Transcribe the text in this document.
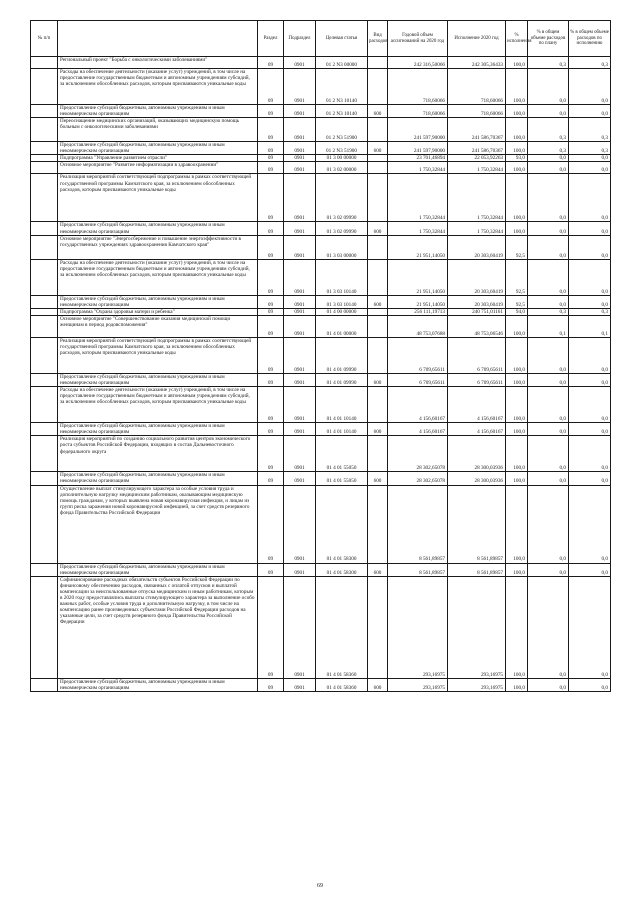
№ п/п		Раздел	Подраздел	Целевая статья	Вид расходов	Годовой объем ассигнований на 2020 год	Исполнение 2020 год	% исполнения	% в общем объеме расходов по плану	% в общем объеме расходов по исполнению
	Региональный проект "Борьба с онкологическими заболеваниями"	09	0901	01 2 N3 00000		242 316,50066	242 305,36433	100,0	0,3	0,3
	Расходы на обеспечение деятельности (оказание услуг) учреждений, в том числе на предоставление государственным бюджетным и автономным учреждениям субсидий, за исключением обособленных расходов, которым присваиваются уникальные коды	09	0901	01 2 N3 10140		718,60066	718,60066	100,0	0,0	0,0
	Предоставление субсидий бюджетным, автономным учреждениям и иным некоммерческим организациям	09	0901	01 2 N3 10140	600	718,60066	718,60066	100,0	0,0	0,0
	Переоснащение медицинских организаций, оказывающих медицинскую помощь больным с онкологическими заболеваниями	09	0901	01 2 N3 51900		241 597,90000	241 586,70367	100,0	0,3	0,3
	Предоставление субсидий бюджетным, автономным учреждениям и иным некоммерческим организациям	09	0901	01 2 N3 51900	600	241 597,90000	241 586,70367	100,0	0,3	0,3
	Подпрограмма "Управление развитием отрасли"	09	0901	01 3 00 00000		23 701,46894	22 053,92263	93,0	0,0	0,0
	Основное мероприятие "Развитие информатизации в здравоохранении"	09	0901	01 3 02 00000		1 750,32844	1 750,32844	100,0	0,0	0,0
	Реализация мероприятий соответствующей подпрограммы в рамках соответствующей государственной программы Камчатского края, за исключением обособленных расходов, которым присваиваются уникальные коды	09	0901	01 3 02 09990		1 750,32844	1 750,32844	100,0	0,0	0,0
	Предоставление субсидий бюджетным, автономным учреждениям и иным некоммерческим организациям	09	0901	01 3 02 09990	600	1 750,32844	1 750,32844	100,0	0,0	0,0
	Основное мероприятие "Энергосбережение и повышение энергоэффективности в государственных учреждениях здравоохранения Камчатского края"	09	0901	01 3 03 00000		21 951,14050	20 303,60419	92,5	0,0	0,0
	Расходы на обеспечение деятельности (оказание услуг) учреждений, в том числе на предоставление государственным бюджетным и автономным учреждениям субсидий, за исключением обособленных расходов, которым присваиваются уникальные коды	09	0901	01 3 03 10140		21 951,14050	20 303,60419	92,5	0,0	0,0
	Предоставление субсидий бюджетным, автономным учреждениям и иным некоммерческим организациям	09	0901	01 3 03 10140	600	21 951,14050	20 303,60419	92,5	0,0	0,0
	Подпрограмма "Охрана здоровья матери и ребенка"	09	0901	01 4 00 00000		256 111,19713	240 751,01161	94,0	0,3	0,3
	Основное мероприятие "Совершенствование оказания медицинской помощи женщинам в период родовспоможения"	09	0901	01 4 01 00000		48 753,07688	48 753,06546	100,0	0,1	0,1
	Реализация мероприятий соответствующей подпрограммы в рамках соответствующей государственной программы Камчатского края, за исключением обособленных расходов, которым присваиваются уникальные коды	09	0901	01 4 01 09990		6 709,65611	6 709,65611	100,0	0,0	0,0
	Предоставление субсидий бюджетным, автономным учреждениям и иным некоммерческим организациям	09	0901	01 4 01 09990	600	6 709,65611	6 709,65611	100,0	0,0	0,0
	Расходы на обеспечение деятельности (оказание услуг) учреждений, в том числе на предоставление государственным бюджетным и автономным учреждениям субсидий, за исключением обособленных расходов, которым присваиваются уникальные коды	09	0901	01 4 01 10140		4 156,60167	4 156,60167	100,0	0,0	0,0
	Предоставление субсидий бюджетным, автономным учреждениям и иным некоммерческим организациям	09	0901	01 4 01 10140	600	4 156,60167	4 156,60167	100,0	0,0	0,0
	Реализация мероприятий по созданию социального развития центров экономического роста субъектов Российской Федерации, входящих в состав Дальневосточного федерального округа	09	0901	01 4 01 55050		28 302,65078	28 300,03936	100,0	0,0	0,0
	Предоставление субсидий бюджетным, автономным учреждениям и иным некоммерческим организациям	09	0901	01 4 01 55050	600	28 302,65078	28 300,03936	100,0	0,0	0,0
	Осуществление выплат стимулирующего характера за особые условия труда и дополнительную нагрузку медицинским работникам, оказывающим медицинскую помощь гражданам, у которых выявлена новая коронавирусная инфекция, и лицам из групп риска заражения новой коронавирусной инфекцией, за счет средств резервного фонда Правительства Российской Федерации	09	0901	01 4 01 58300		8 561,89857	8 561,89857	100,0	0,0	0,0
	Предоставление субсидий бюджетным, автономным учреждениям и иным некоммерческим организациям	09	0901	01 4 01 58300	600	8 561,89857	8 561,89857	100,0	0,0	0,0
	Софинансирование расходных обязательств субъектов Российской Федерации по финансовому обеспечению расходов, связанных с оплатой отпусков и выплатой компенсации за неиспользованные отпуска медицинским и иным работникам, которым в 2020 году предоставлялись выплаты стимулирующего характера за выполнение особо важных работ, особые условия труда и дополнительную нагрузку, в том числе на компенсацию ранее произведенных субъектами Российской Федерации расходов на указанные цели, за счет средств резервного фонда Правительства Российской Федерации	09	0901	01 4 01 58360		293,16975	293,16975	100,0	0,0	0,0
	Предоставление субсидий бюджетным, автономным учреждениям и иным некоммерческим организациям	09	0901	01 4 01 58360	600	293,16975	293,16975	100,0	0,0	0,0
69
